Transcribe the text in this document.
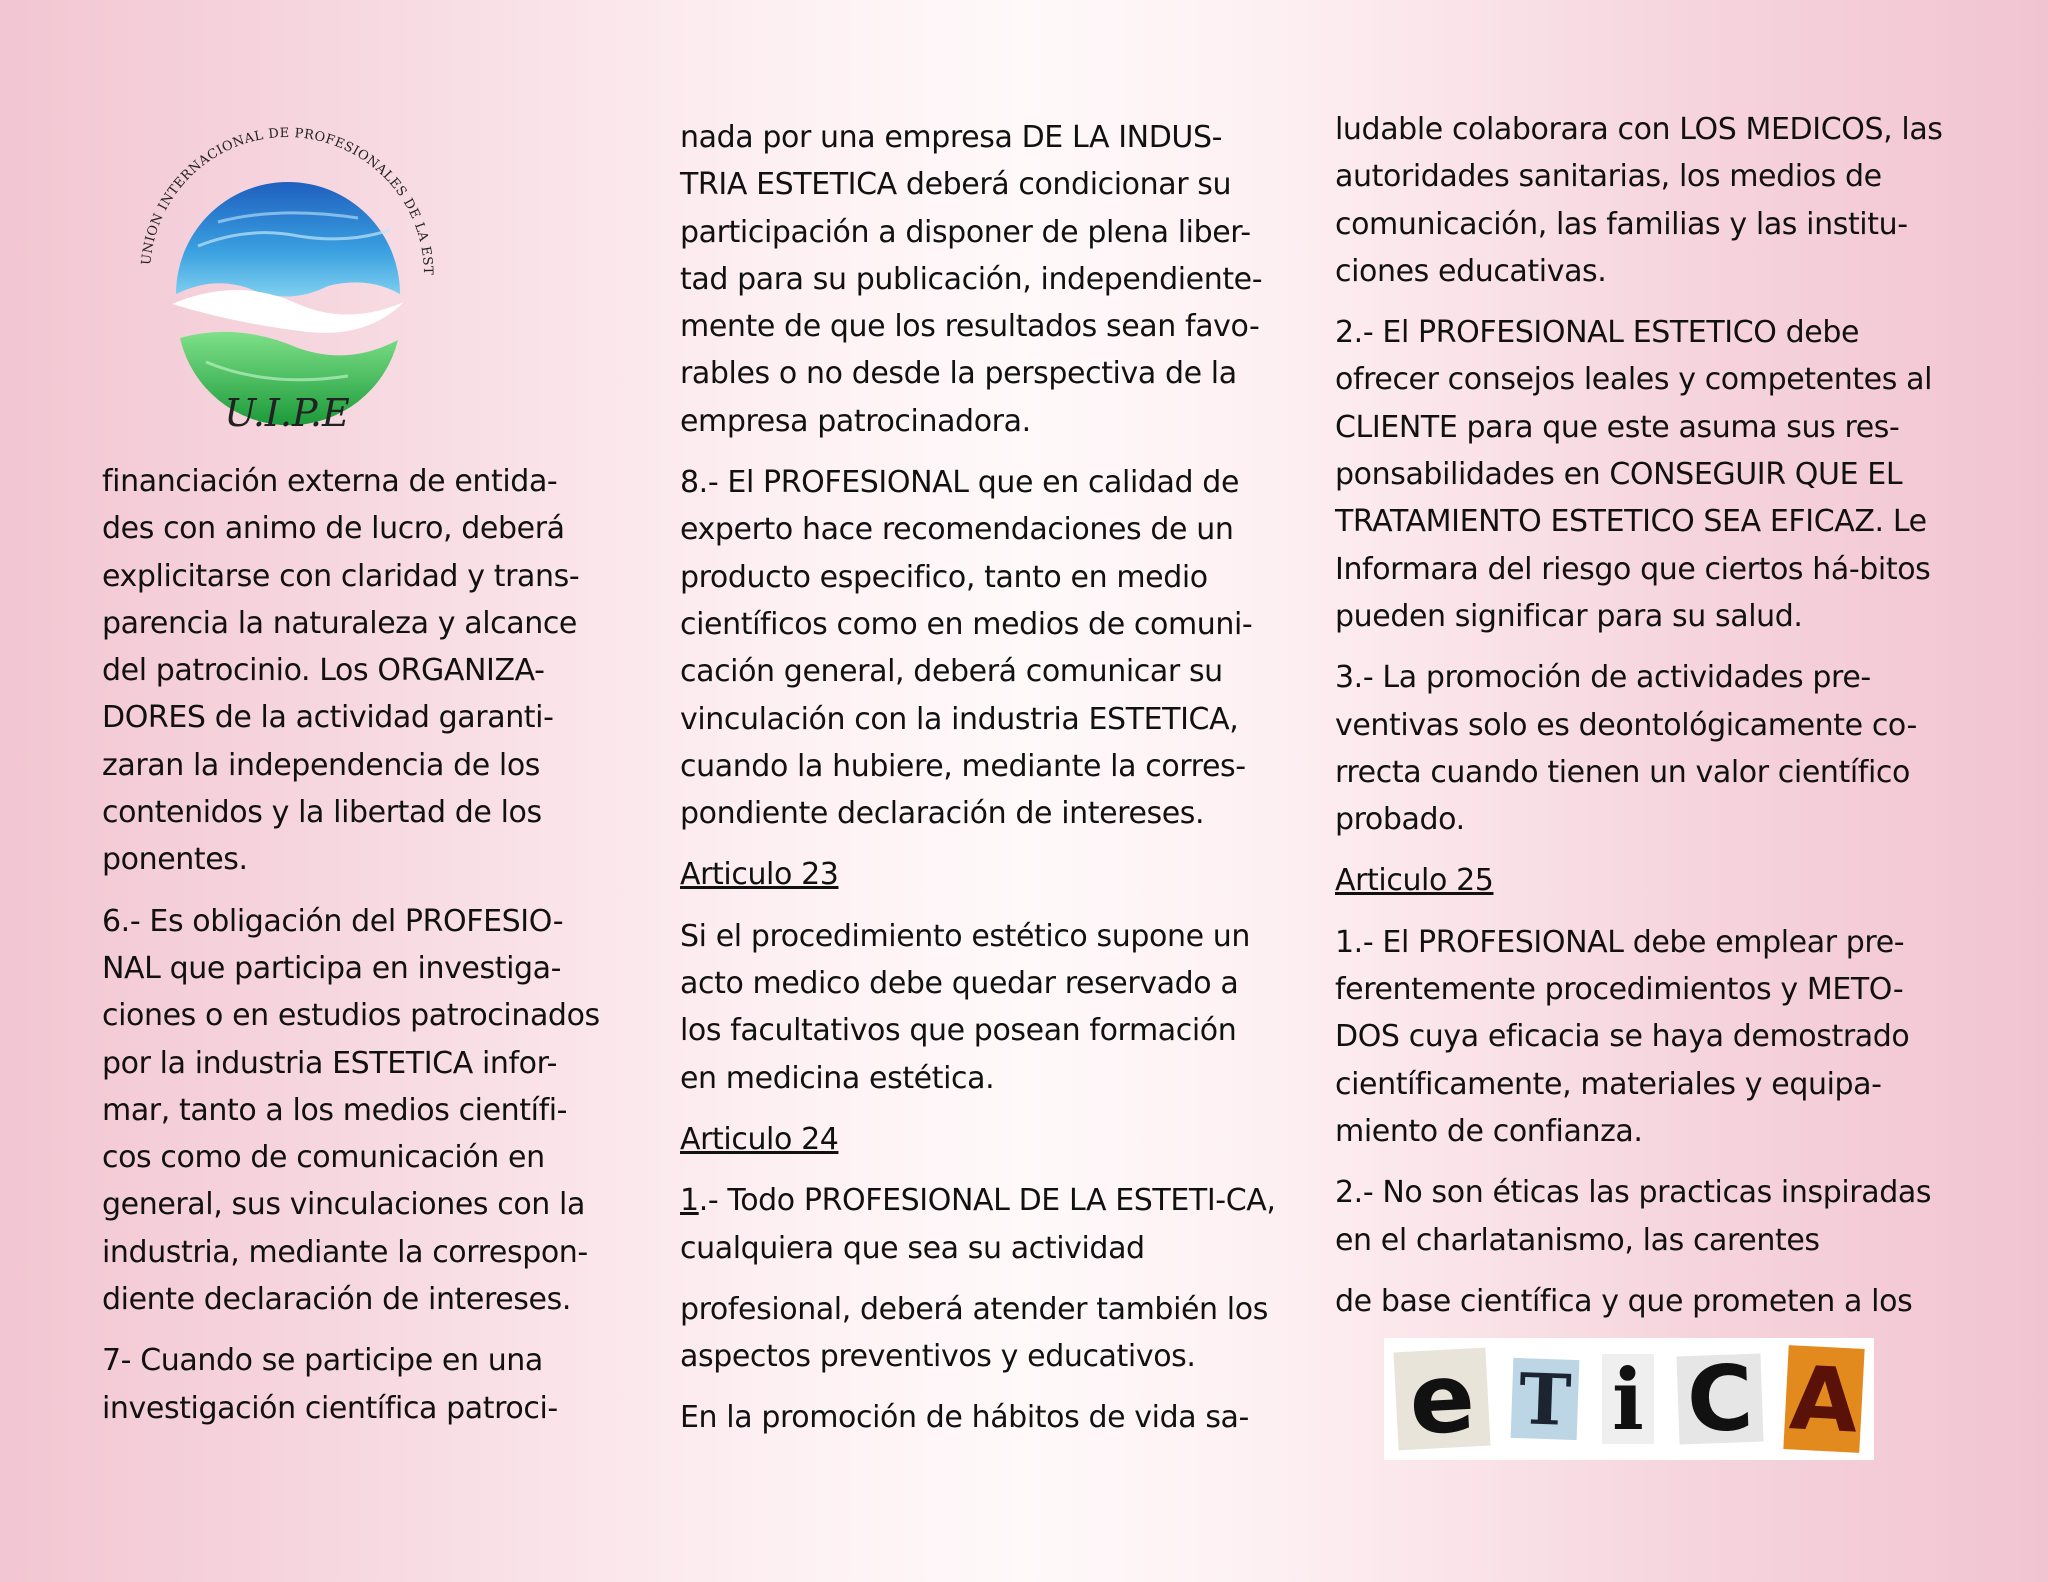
UNION INTERNACIONAL DE PROFESIONALES DE LA EST
U.I.P.E

financiación externa de entida-des con animo de lucro, deberá explicitarse con claridad y trans-parencia la naturaleza y alcance del patrocinio. Los ORGANIZA-DORES de la actividad garanti-zaran la independencia de los contenidos y la libertad de los ponentes.

6.- Es obligación del PROFESIO-NAL que participa en investiga-ciones o en estudios patrocinados por la industria ESTETICA infor-mar, tanto a los medios científi-cos como de comunicación en general, sus vinculaciones con la industria, mediante la correspon-diente declaración de intereses.

7- Cuando se participe en una investigación científica patroci-

nada por una empresa DE LA INDUS-TRIA ESTETICA deberá condicionar su participación a disponer de plena liber-tad para su publicación, independiente-mente de que los resultados sean favo-rables o no desde la perspectiva de la empresa patrocinadora.

8.- El PROFESIONAL que en calidad de experto hace recomendaciones de un producto especifico, tanto en medio científicos como en medios de comuni-cación general, deberá comunicar su vinculación con la industria ESTETICA, cuando la hubiere, mediante la corres-pondiente declaración de intereses.

Articulo 23

Si el procedimiento estético supone un acto medico debe quedar reservado a los facultativos que posean formación en medicina estética.

Articulo 24

1.- Todo PROFESIONAL DE LA ESTETI-CA, cualquiera que sea su actividad

profesional, deberá atender también los aspectos preventivos y educativos.

En la promoción de hábitos de vida sa-

ludable colaborara con LOS MEDICOS, las autoridades sanitarias, los medios de comunicación, las familias y las institu-ciones educativas.

2.- El PROFESIONAL ESTETICO debe ofrecer consejos leales y competentes al CLIENTE para que este asuma sus res-ponsabilidades en CONSEGUIR QUE EL TRATAMIENTO ESTETICO SEA EFICAZ. Le Informara del riesgo que ciertos há-bitos pueden significar para su salud.

3.- La promoción de actividades pre-ventivas solo es deontológicamente co-rrecta cuando tienen un valor científico probado.

Articulo 25

1.- El PROFESIONAL debe emplear pre-ferentemente procedimientos y METO-DOS cuya eficacia se haya demostrado científicamente, materiales y equipa-miento de confianza.

2.- No son éticas las practicas inspiradas en el charlatanismo, las carentes

de base científica y que prometen a los

e T i C A
